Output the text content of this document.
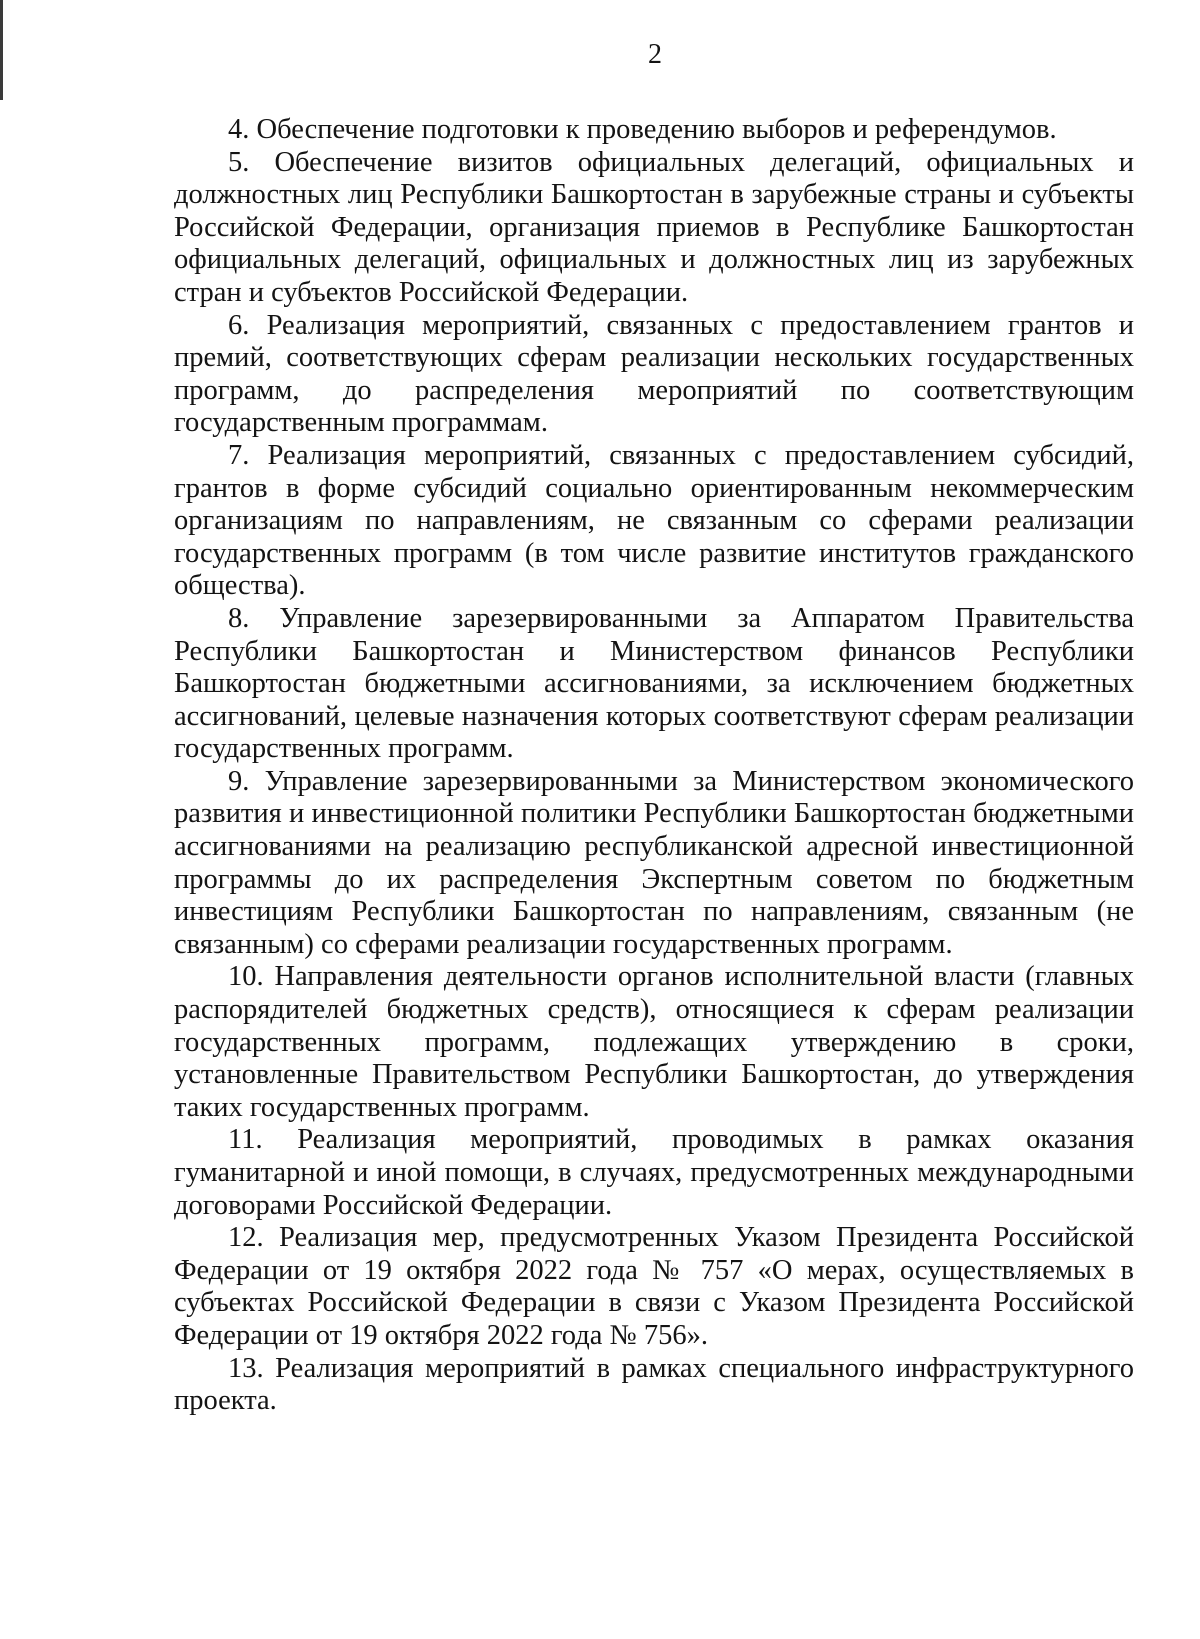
2

4. Обеспечение подготовки к проведению выборов и референдумов.

5. Обеспечение визитов официальных делегаций, официальных и должностных лиц Республики Башкортостан в зарубежные страны и субъекты Российской Федерации, организация приемов в Республике Башкортостан официальных делегаций, официальных и должностных лиц из зарубежных стран и субъектов Российской Федерации.

6. Реализация мероприятий, связанных с предоставлением грантов и премий, соответствующих сферам реализации нескольких государственных программ, до распределения мероприятий по соответствующим государственным программам.

7. Реализация мероприятий, связанных с предоставлением субсидий, грантов в форме субсидий социально ориентированным некоммерческим организациям по направлениям, не связанным со сферами реализации государственных программ (в том числе развитие институтов гражданского общества).

8. Управление зарезервированными за Аппаратом Правительства Республики Башкортостан и Министерством финансов Республики Башкортостан бюджетными ассигнованиями, за исключением бюджетных ассигнований, целевые назначения которых соответствуют сферам реализации государственных программ.

9. Управление зарезервированными за Министерством экономического развития и инвестиционной политики Республики Башкортостан бюджетными ассигнованиями на реализацию республиканской адресной инвестиционной программы до их распределения Экспертным советом по бюджетным инвестициям Республики Башкортостан по направлениям, связанным (не связанным) со сферами реализации государственных программ.

10. Направления деятельности органов исполнительной власти (главных распорядителей бюджетных средств), относящиеся к сферам реализации государственных программ, подлежащих утверждению в сроки, установленные Правительством Республики Башкортостан, до утверждения таких государственных программ.

11. Реализация мероприятий, проводимых в рамках оказания гуманитарной и иной помощи, в случаях, предусмотренных международными договорами Российской Федерации.

12. Реализация мер, предусмотренных Указом Президента Российской Федерации от 19 октября 2022 года № 757 «О мерах, осуществляемых в субъектах Российской Федерации в связи с Указом Президента Российской Федерации от 19 октября 2022 года № 756».

13. Реализация мероприятий в рамках специального инфраструктурного проекта.
